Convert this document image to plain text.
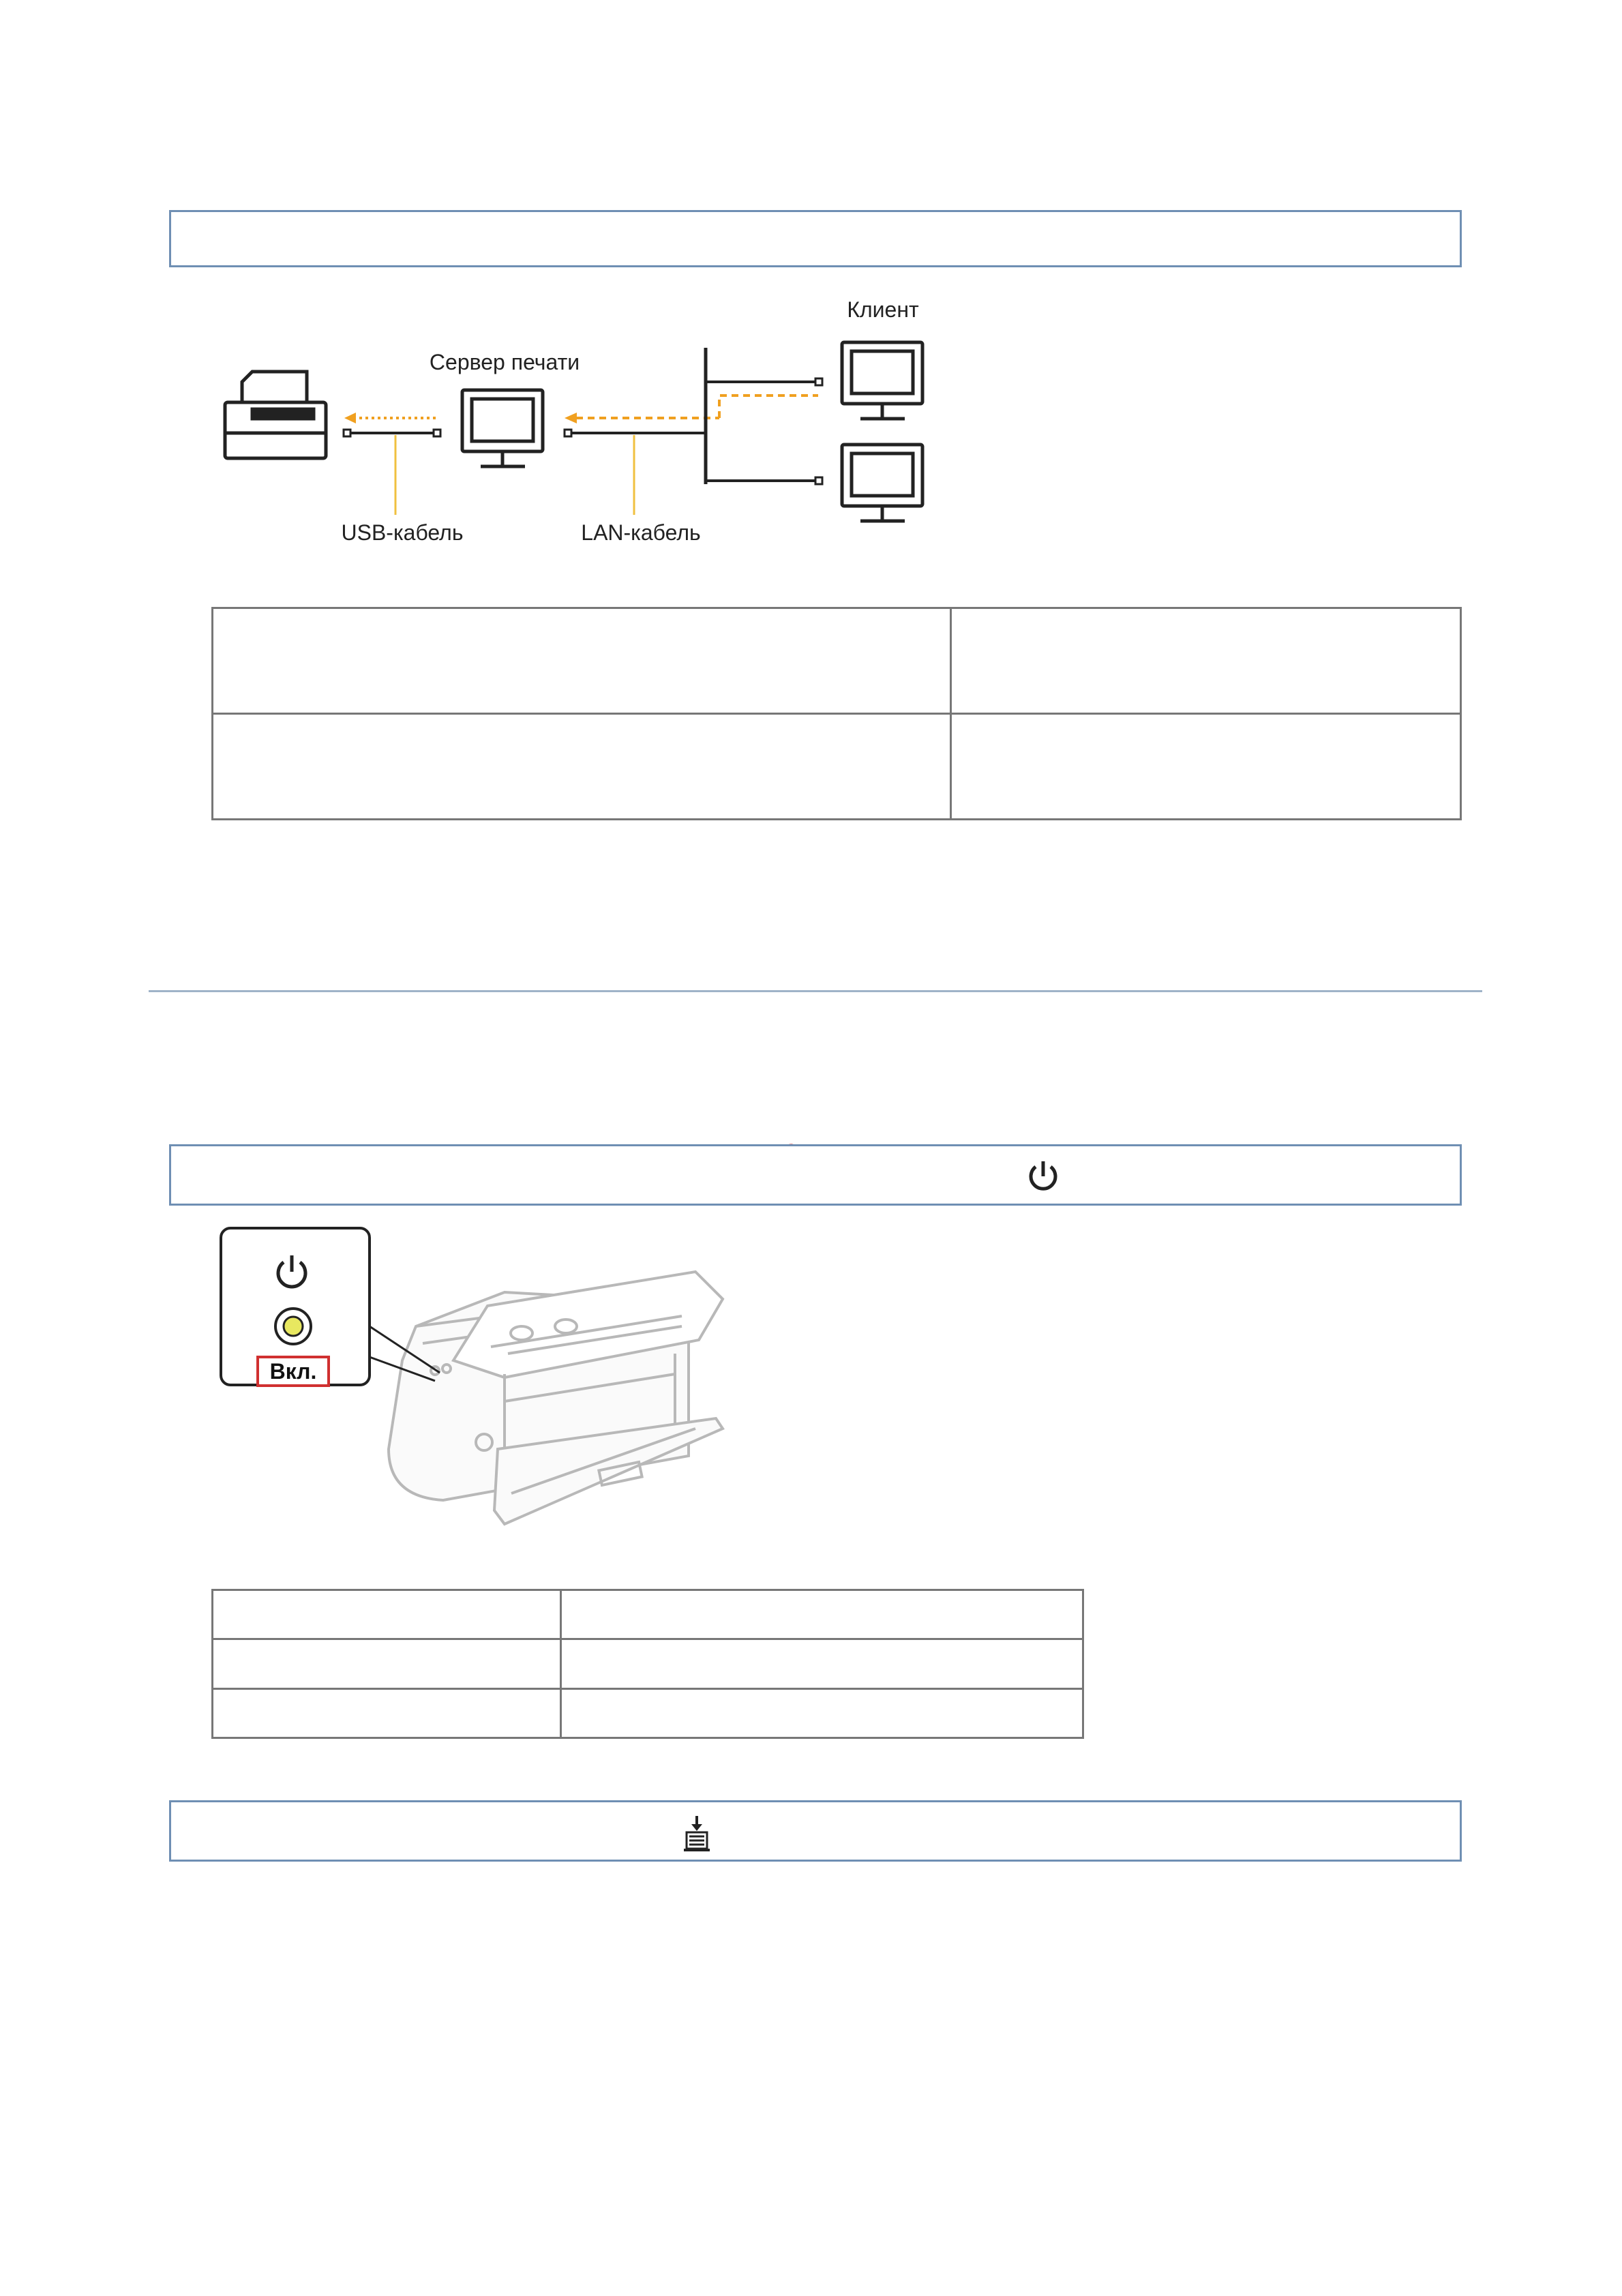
Сервер печати
Клиент
USB-кабель	LAN-кабель

Вкл.
